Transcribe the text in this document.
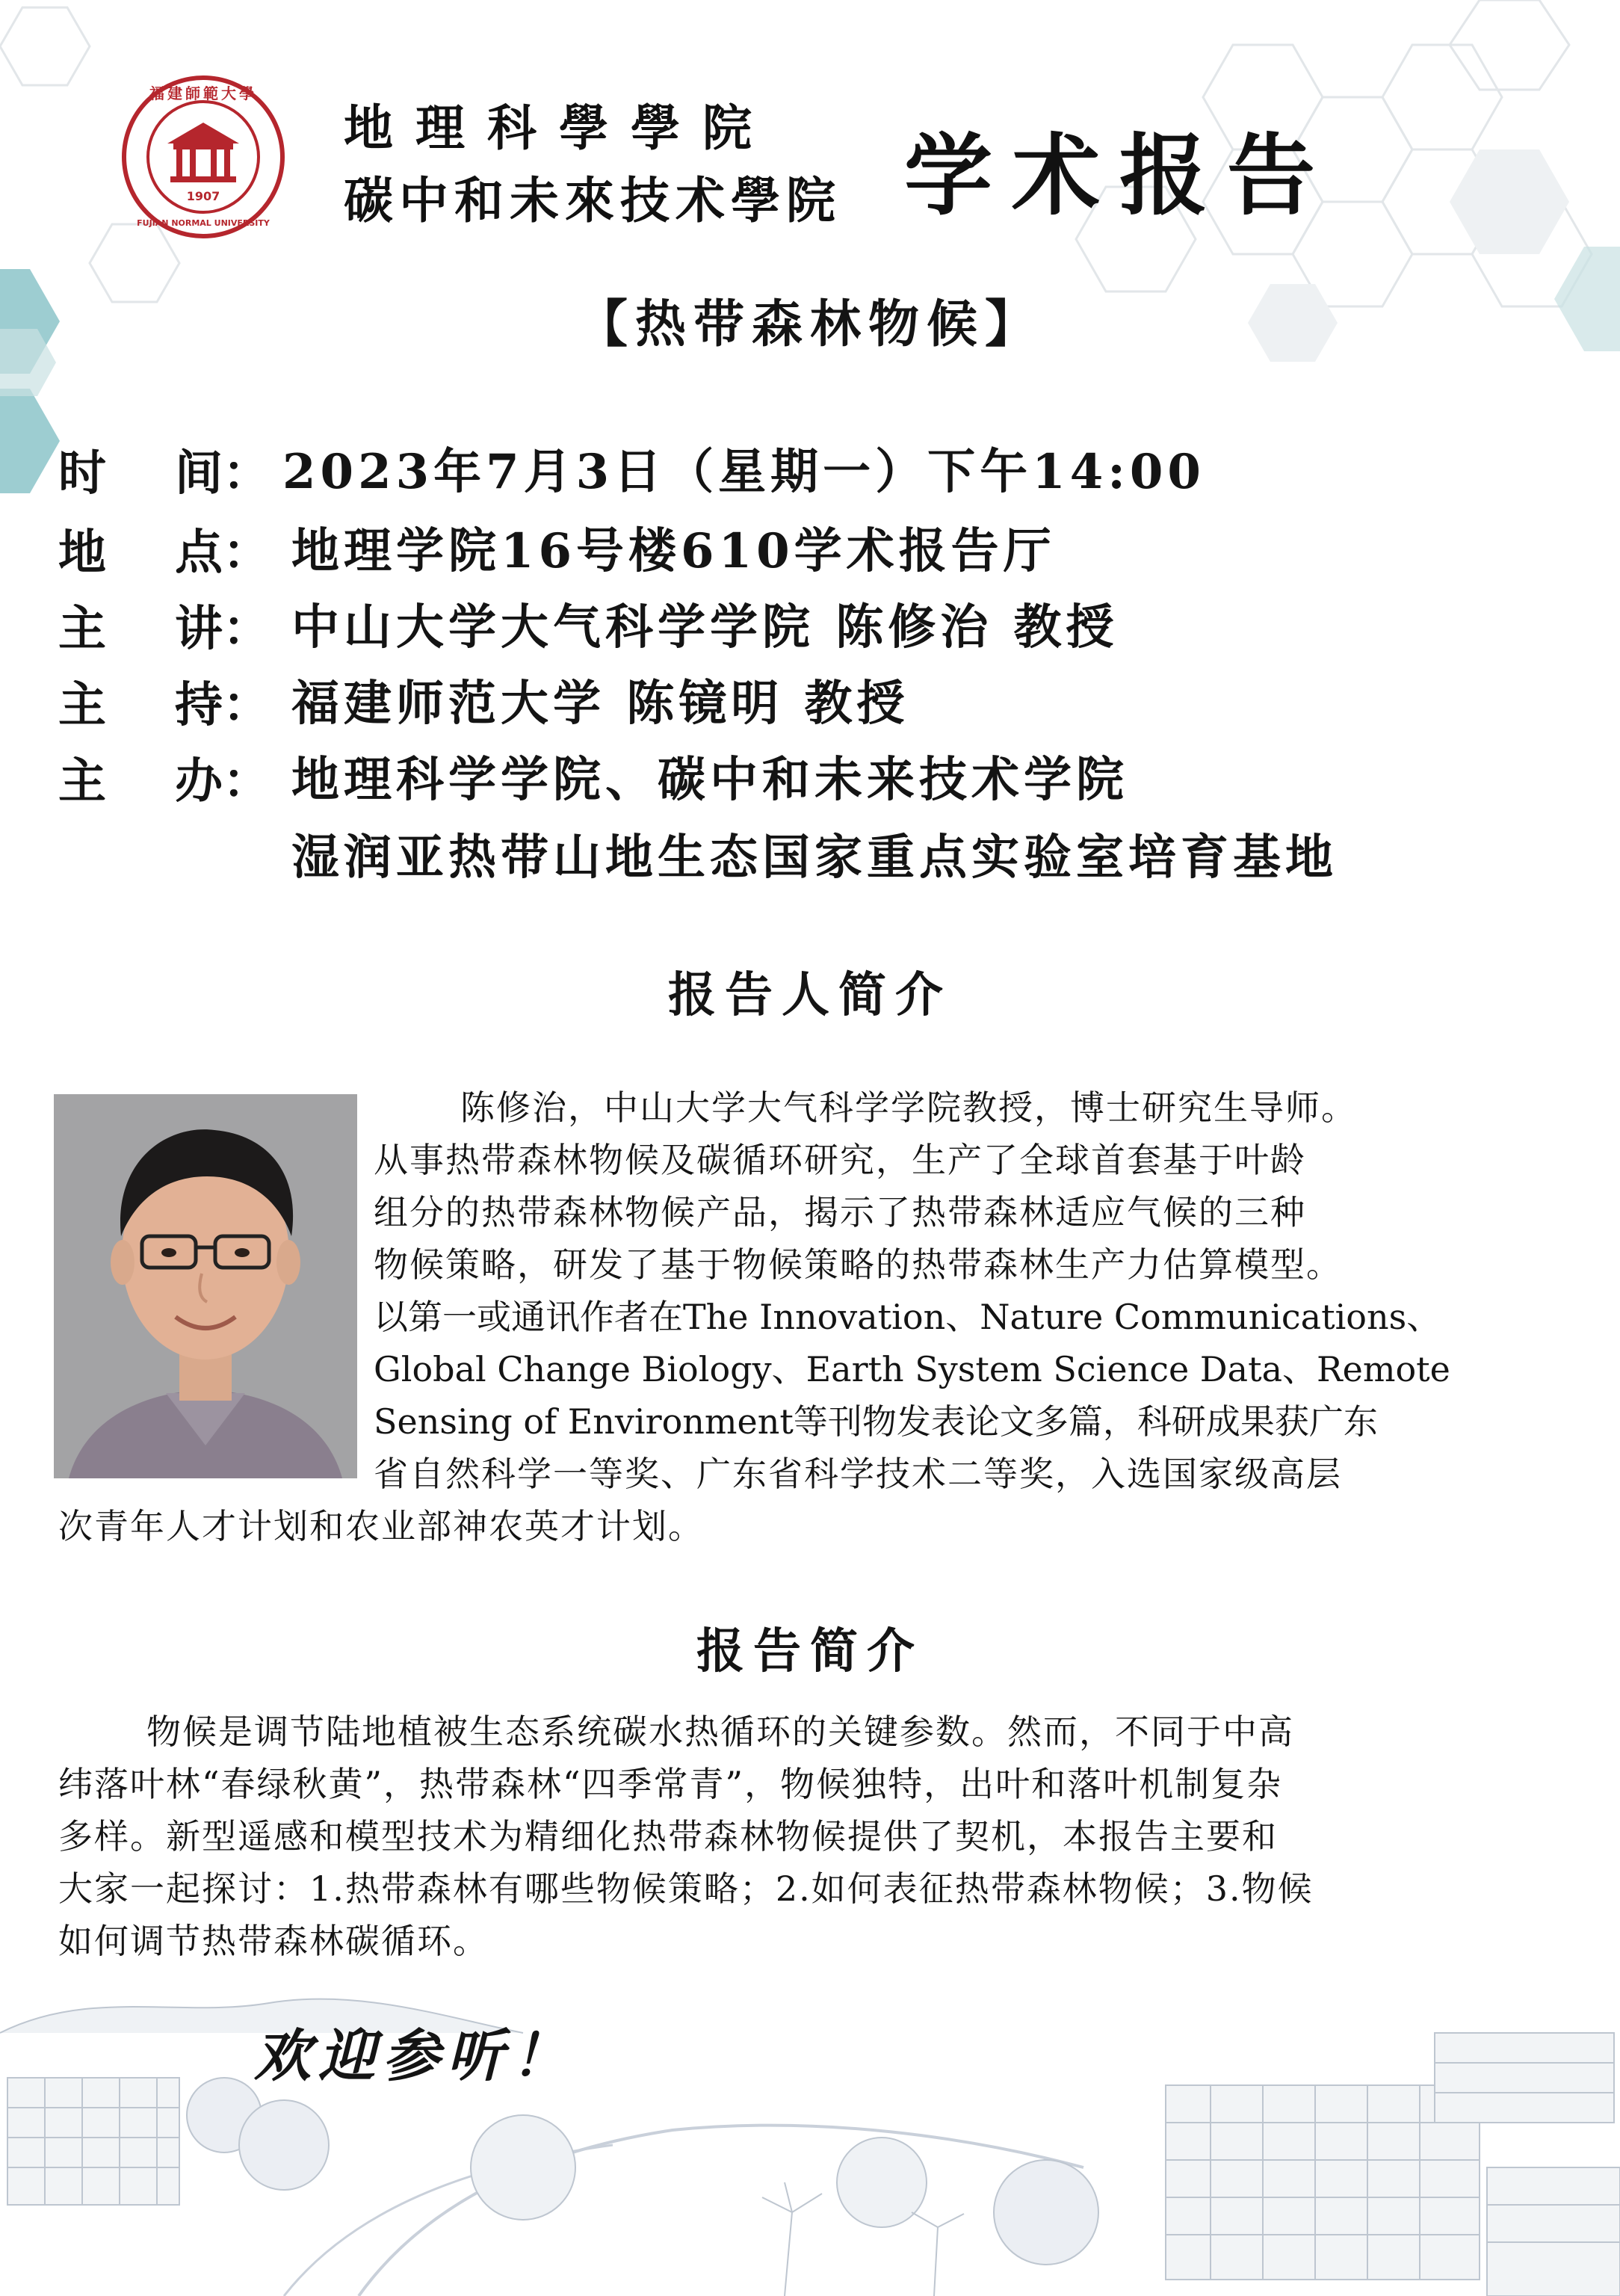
1907
福建師範大學
FUJIAN NORMAL UNIVERSITY
地理科學學院
碳中和未來技术學院 学术报告
【热带森林物候】
时 间： 2023年7月3日（星期一）下午14:00
地 点： 地理学院16号楼610学术报告厅
主 讲： 中山大学大气科学学院 陈修治 教授
主 持： 福建师范大学 陈镜明 教授
主 办： 地理科学学院、碳中和未来技术学院
湿润亚热带山地生态国家重点实验室培育基地
报告人简介
陈修治，中山大学大气科学学院教授，博士研究生导师。
从事热带森林物候及碳循环研究，生产了全球首套基于叶龄
组分的热带森林物候产品，揭示了热带森林适应气候的三种
物候策略，研发了基于物候策略的热带森林生产力估算模型。
以第一或通讯作者在The Innovation、Nature Communications、
Global Change Biology、Earth System Science Data、Remote
Sensing of Environment等刊物发表论文多篇，科研成果获广东
省自然科学一等奖、广东省科学技术二等奖，入选国家级高层
次青年人才计划和农业部神农英才计划。
报告简介
物候是调节陆地植被生态系统碳水热循环的关键参数。然而，不同于中高
纬落叶林“春绿秋黄”，热带森林“四季常青”，物候独特，出叶和落叶机制复杂
多样。新型遥感和模型技术为精细化热带森林物候提供了契机，本报告主要和
大家一起探讨：1.热带森林有哪些物候策略；2.如何表征热带森林物候；3.物候
如何调节热带森林碳循环。
欢迎参听！
